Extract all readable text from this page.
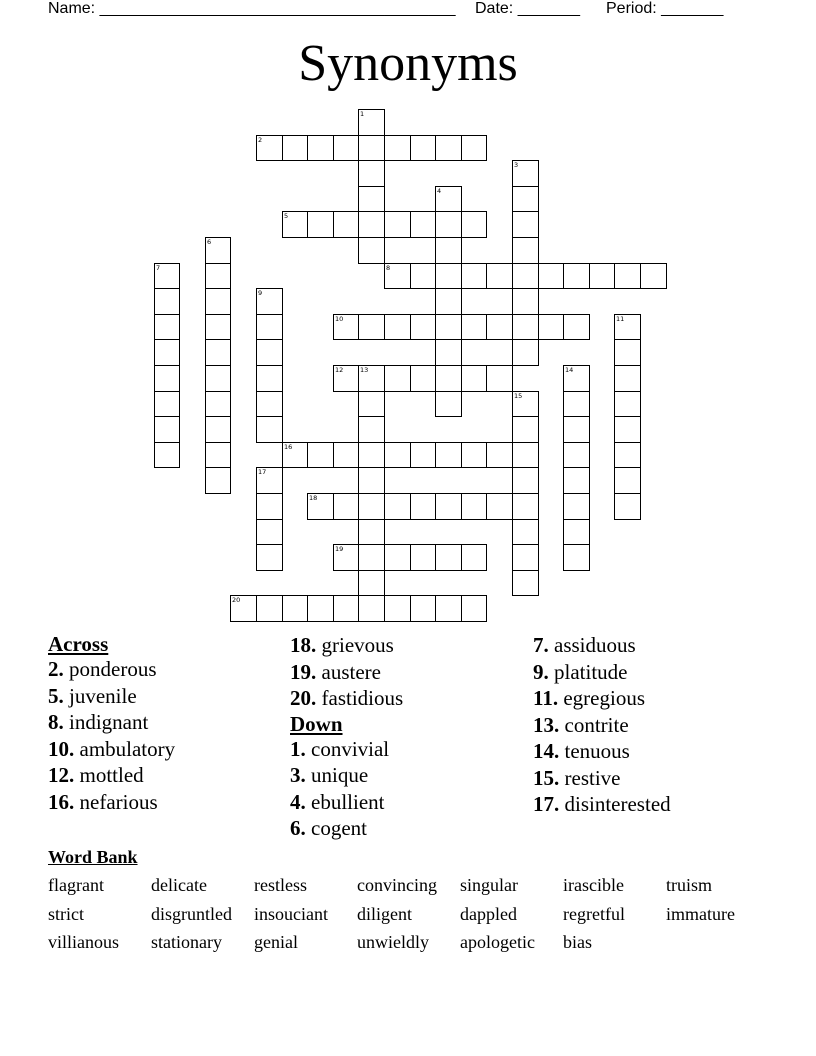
Name: ________________________________________ Date: _______ Period: _______
Synonyms
1
2
3
4
5
6
7	8
9
10	11
12	13	14
15
16
17
18
19
20
Across
2. ponderous
5. juvenile
8. indignant
10. ambulatory
12. mottled
16. nefarious
18. grievous
19. austere
20. fastidious
Down
1. convivial
3. unique
4. ebullient
6. cogent
7. assiduous
9. platitude
11. egregious
13. contrite
14. tenuous
15. restive
17. disinterested
Word Bank
flagrant	delicate	restless	convincing singular	irascible truism
strict	disgruntled insouciant diligent	dappled	regretful immature
villianous stationary genial	unwieldly apologetic bias
